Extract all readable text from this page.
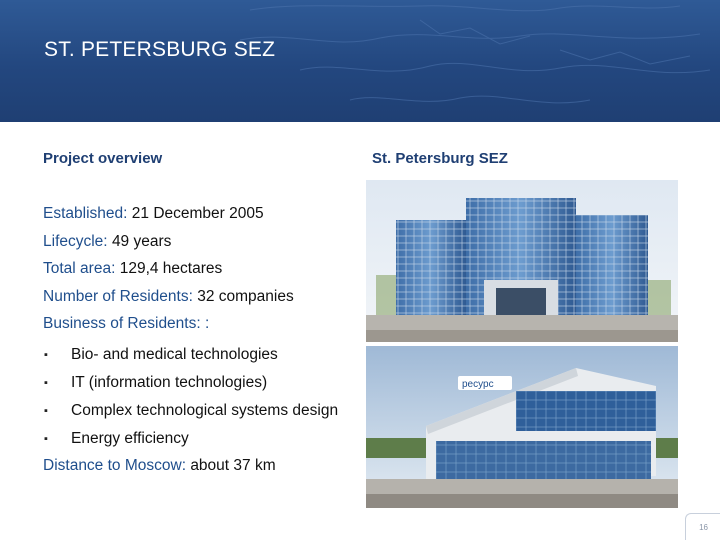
ST. PETERSBURG SEZ
Project overview	St. Petersburg SEZ
Established: 21 December 2005
Lifecycle: 49 years
Total area: 129,4 hectares
Number of Residents: 32 companies
Business of Residents: :
▪ Bio- and medical technologies
▪ IT (information technologies)
▪ Complex technological systems design
▪ Energy efficiency
Distance to Moscow: about 37 km
ресурс
16
